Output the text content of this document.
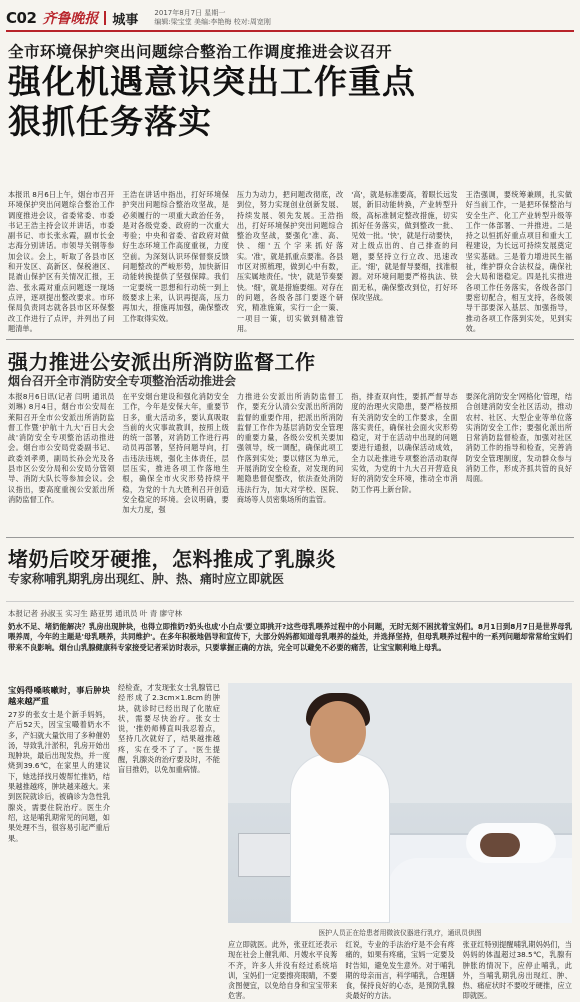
C02 齐鲁晚报 城事 2017年8月7日 星期一
编辑:梁宝堂 美编:李艳梅 校对:周宽刚
全市环境保护突出问题综合整治工作调度推进会议召开
强化机遇意识突出工作重点
狠抓任务落实
本报讯 8月6日上午，烟台市召开环境保护突出问题综合整治工作调度推进会议，省委常委、市委书记王浩主持会议并讲话，市委副书记、市长张永霞，副市长金志海分别讲话。市领导关钢等参加会议。会上，听取了各县市区和开发区、高新区、保税港区、昆嵛山保护区有关情况汇报，王浩、张永霞对重点问题逐一现场点评，逐项提出整改要求。市环保局负责同志就各县市区环保整改工作进行了点评，并列出了问题清单。
王浩在讲话中指出，打好环境保护突出问题综合整治攻坚战，是必须履行的一项重大政治任务，是对各级党委、政府的一次重大考验；中央和省委、省政府对做好生态环境工作高度重视，力度空前。为深刻认识环保督察反馈问题整改的严峻形势，加快新旧动能转换提供了坚强保障。我们一定要统一思想和行动统一到上级要求上来，认识再提高，压力再加大，措施再加强，确保整改工作取得实效。
压力为动力，把问题改彻底，改到位，努力实现创业创新发展、持续发展、领先发展。王浩指出，打好环境保护突出问题综合整治攻坚战，要强化'准、高、快、细'五个字来抓好落实。'准'，就是抓重点要准。各县市区对照梳理，做到心中有数，压实属地责任。'快'，就是节奏要快。'细'，就是措施要细。对存在的问题，各级各部门要逐个研究，精准施策，实行一企一策、一项目一策，切实做到精准管用。
'高'，就是标准要高，着眼长远发展，新旧动能转换，产业转型升级，高标准制定整改措施，切实抓好任务落实，做到整改一批、见效一批。'快'，就是行动要快，对上级点出的、自己排查的问题，要坚持立行立改、迅速改正。'细'，就是督导要细，找准根源。对环境问题要严格执法、铁面无私，确保整改到位，打好环保攻坚战。
王浩强调，要统筹兼顾，扎实做好当前工作，一是把环保整治与安全生产、化工产业转型升级等工作一体部署、一并推进。二是持之以恒抓好重点项目和重大工程建设，为长远可持续发展奠定坚实基础。三是着力增进民生福祉，维护群众合法权益，确保社会大局和谐稳定。四是扎实推进各项工作任务落实，各级各部门要密切配合，相互支持，各级领导干部要深入基层、加强指导，推动各项工作落到实处，见到实效。
强力推进公安派出所消防监督工作
烟台召开全市消防安全专项整治活动推进会
本报8月6日讯(记者 闫明 通讯员 刘琳) 8月4日，烟台市公安局在莱阳召开全市公安派出所消防监督工作暨'护航十九大'百日大会战'消防安全专项整治活动推进会。烟台市公安局党委副书记、政委刘孝勇，副局长孙会光及各县市区公安分局和公安局分管领导、消防大队长等参加会议。会议指出，要高度重视公安派出所消防监督工作。
在平安烟台建设和强化消防安全工作，今年是安保大年，重要节日多，重大活动多，要认真吸取当前的火灾事故教训，按照上级的统一部署，对消防工作进行再动员再部署，坚持问题导向，打击违法违规，强化主体责任，层层压实，推进各项工作落地生根，确保全市火灾形势持续平稳，为党的十九大胜利召开创造安全稳定的环境。会议明确，要加大力度，强
力推进公安派出所消防监督工作，要充分认清公安派出所消防监督的重要作用，把派出所消防监督工作作为基层消防安全管理的重要力量，各级公安机关要加强领导，统一调配，确保此项工作落到实处；要以辖区为单元，开展消防安全检查，对发现的问题隐患督促整改，依法查处消防违法行为，加大对学校、医院、商场等人员密集场所的监管。
指，排查双向性，要抓严督导态度的治理火灾隐患，要严格按照有关消防安全的工作要求，全面落实责任，确保社会面火灾形势稳定，对于在活动中出现的问题要进行通报，以确保活动成效，全力以赴推进专项整治活动取得实效，为党的十九大召开营造良好的消防安全环境，推动全市消防工作再上新台阶。
要深化消防安全'网格化'管理，结合创建消防安全社区活动，推动农村、社区、大型企业等单位落实消防安全工作；要强化派出所日常消防监督检查，加强对社区消防工作的指导和检查，完善消防安全管理制度，发动群众参与消防工作，形成齐抓共管的良好局面。
堵奶后咬牙硬推，怎料推成了乳腺炎
专家称哺乳期乳房出现红、肿、热、痛时应立即就医
本报记者 孙淑玉 实习生 路亚男 通讯员 叶 青 廖守林
奶水不足、堵奶能解决？乳房出现肿块，也得立即推奶?奶头也成'小白点'要立即挑开?这些母乳喂养过程中的小问题，无时无刻不困扰着宝妈们。8月1日到8月7日是世界母乳喂养周，今年的主题是'母乳喂养，共同维护'。在多年积极地倡导和宣传下，大部分妈妈都知道母乳喂养的益处，并选择坚持，但母乳喂养过程中的一系列问题却常常给宝妈们带来不良影响。烟台山乳腺健康科专家接受记者采访时表示，只要掌握正确的方法，完全可以避免不必要的痛苦，让宝宝顺利地上母乳。
宝妈得嗓咳嗽时，事后肿块越来越严重
27岁的张女士是个新手妈妈，产后52天，因宝宝嘬着奶水不多，产妇就大量饮用了多种催奶汤，导致乳汁淤积，乳房开始出现肿块，最后出现发热，并一度烧到39.6℃，在家里人的建议下，她选择找月嫂帮忙推奶，结果越推越疼，肿块越来越大。来到医院就诊后，被确诊为急性乳腺炎，需要住院治疗。医生介绍，这是哺乳期常见的问题，如果处理不当，很容易引起严重后果。
经检查，才发现张女士乳腺管已经形成了2.3cm×1.8cm的肿块，就诊时已经出现了化脓症状，需要尽快治疗。张女士说，'推奶师傅直叫我忍着点，坚持几次就好了，结果越推越疼，实在受不了了。'医生提醒，乳腺炎的治疗要及时，不能盲目推奶，以免加重病情。
医护人员正在给患者用微波仪器进行乳疗，通讯员供图
应立即就医。此外，张亚红还表示现在社会上催乳师、月嫂水平良莠不齐，许多人并没有经过系统培训，宝妈们一定要擦亮眼睛，不要贪图便宜，以免给自身和宝宝带来危害。
红说，专业的手法治疗是不会有疼痛的，如果有疼痛，宝妈一定要及时告知，避免发生意外。对于哺乳期的母亲而言，科学哺乳，合理膳食，保持良好的心态，是预防乳腺炎最好的方法。
张亚红特别提醒哺乳期妈妈们，当妈妈的体温超过38.5℃，乳腺有肿胀的情况下，应停止哺乳，此外，当哺乳期乳房出现红、肿、热、痛症状时不要咬牙硬推，应立即就医。
